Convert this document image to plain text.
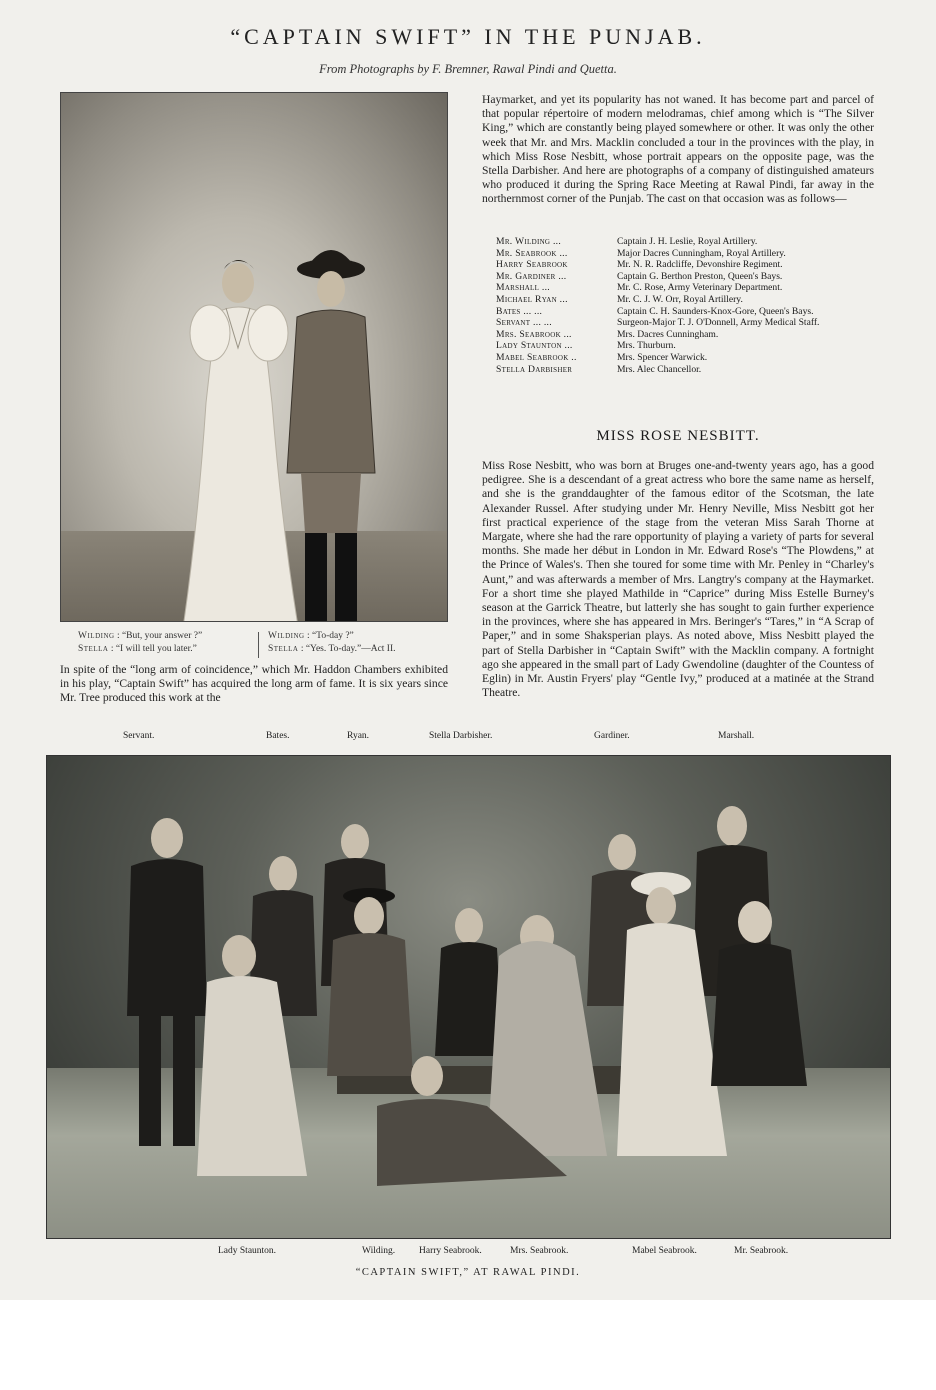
“CAPTAIN SWIFT” IN THE PUNJAB.
From Photographs by F. Bremner, Rawal Pindi and Quetta.
Wilding : “But, your answer ?”
Stella : “I will tell you later.”
Wilding : “To-day ?”
Stella : “Yes. To-day.”—Act II.
In spite of the “long arm of coincidence,” which Mr. Haddon Chambers exhibited in his play, “Captain Swift” has acquired the long arm of fame. It is six years since Mr. Tree produced this work at the
Haymarket, and yet its popularity has not waned. It has become part and parcel of that popular répertoire of modern melodramas, chief among which is “The Silver King,” which are constantly being played somewhere or other. It was only the other week that Mr. and Mrs. Macklin concluded a tour in the provinces with the play, in which Miss Rose Nesbitt, whose portrait appears on the opposite page, was the Stella Darbisher. And here are photographs of a company of distinguished amateurs who produced it during the Spring Race Meeting at Rawal Pindi, far away in the northernmost corner of the Punjab. The cast on that occasion was as follows—
Mr. Wilding ...	Captain J. H. Leslie, Royal Artillery.
Mr. Seabrook ...	Major Dacres Cunningham, Royal Artillery.
Harry Seabrook	Mr. N. R. Radcliffe, Devonshire Regiment.
Mr. Gardiner ...	Captain G. Berthon Preston, Queen's Bays.
Marshall ...	Mr. C. Rose, Army Veterinary Department.
Michael Ryan ...	Mr. C. J. W. Orr, Royal Artillery.
Bates ... ...	Captain C. H. Saunders-Knox-Gore, Queen's Bays.
Servant ... ...	Surgeon-Major T. J. O'Donnell, Army Medical Staff.
Mrs. Seabrook ...	Mrs. Dacres Cunningham.
Lady Staunton ...	Mrs. Thurburn.
Mabel Seabrook ..	Mrs. Spencer Warwick.
Stella Darbisher	Mrs. Alec Chancellor.
MISS ROSE NESBITT.
Miss Rose Nesbitt, who was born at Bruges one-and-twenty years ago, has a good pedigree. She is a descendant of a great actress who bore the same name as herself, and she is the granddaughter of the famous editor of the Scotsman, the late Alexander Russel. After studying under Mr. Henry Neville, Miss Nesbitt got her first practical experience of the stage from the veteran Miss Sarah Thorne at Margate, where she had the rare opportunity of playing a variety of parts for several months. She made her début in London in Mr. Edward Rose's “The Plowdens,” at the Prince of Wales's. Then she toured for some time with Mr. Penley in “Charley's Aunt,” and was afterwards a member of Mrs. Langtry's company at the Haymarket. For a short time she played Mathilde in “Caprice” during Miss Estelle Burney's season at the Garrick Theatre, but latterly she has sought to gain further experience in the provinces, where she has appeared in Mrs. Beringer's “Tares,” in “A Scrap of Paper,” and in some Shaksperian plays. As noted above, Miss Nesbitt played the part of Stella Darbisher in “Captain Swift” with the Macklin company. A fortnight ago she appeared in the small part of Lady Gwendoline (daughter of the Countess of Eglin) in Mr. Austin Fryers' play “Gentle Ivy,” produced at a matinée at the Strand Theatre.
Servant.	Bates.	Ryan.	Stella Darbisher.	Gardiner.	Marshall.
Lady Staunton.	Wilding.	Harry Seabrook.	Mrs. Seabrook.	Mabel Seabrook.	Mr. Seabrook.
“CAPTAIN SWIFT,” AT RAWAL PINDI.
